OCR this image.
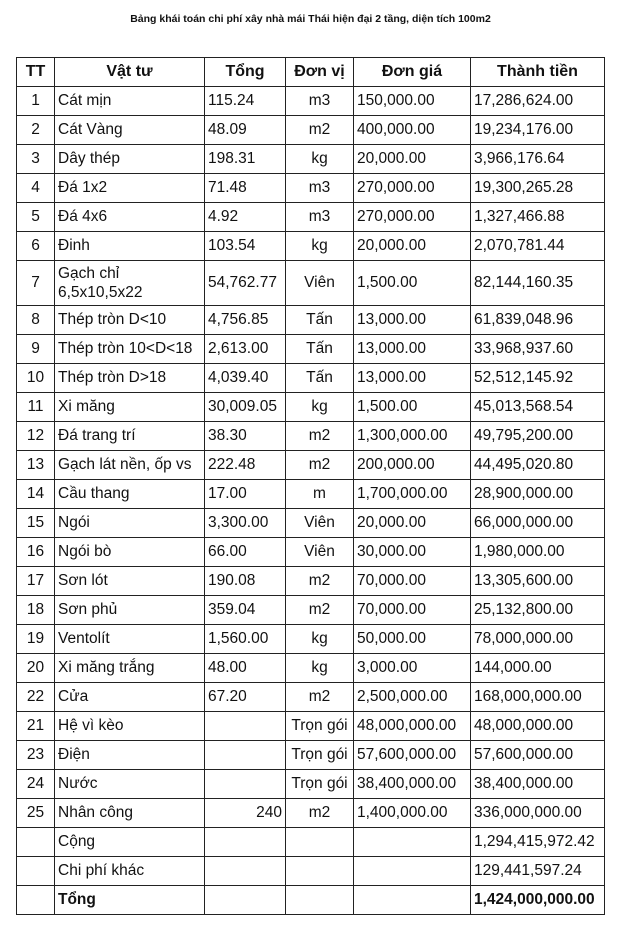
Bảng khái toán chi phí xây nhà mái Thái hiện đại 2 tầng, diện tích 100m2
TT	Vật tư	Tổng	Đơn vị	Đơn giá	Thành tiền
1	Cát mịn	115.24	m3	150,000.00	17,286,624.00
2	Cát Vàng	48.09	m2	400,000.00	19,234,176.00
3	Dây thép	198.31	kg	20,000.00	3,966,176.64
4	Đá 1x2	71.48	m3	270,000.00	19,300,265.28
5	Đá 4x6	4.92	m3	270,000.00	1,327,466.88
6	Đinh	103.54	kg	20,000.00	2,070,781.44
7	Gạch chỉ 6,5x10,5x22	54,762.77	Viên	1,500.00	82,144,160.35
8	Thép tròn D<10	4,756.85	Tấn	13,000.00	61,839,048.96
9	Thép tròn 10<D<18	2,613.00	Tấn	13,000.00	33,968,937.60
10	Thép tròn D>18	4,039.40	Tấn	13,000.00	52,512,145.92
11	Xi măng	30,009.05	kg	1,500.00	45,013,568.54
12	Đá trang trí	38.30	m2	1,300,000.00	49,795,200.00
13	Gạch lát nền, ốp vs	222.48	m2	200,000.00	44,495,020.80
14	Cầu thang	17.00	m	1,700,000.00	28,900,000.00
15	Ngói	3,300.00	Viên	20,000.00	66,000,000.00
16	Ngói bò	66.00	Viên	30,000.00	1,980,000.00
17	Sơn lót	190.08	m2	70,000.00	13,305,600.00
18	Sơn phủ	359.04	m2	70,000.00	25,132,800.00
19	Ventolít	1,560.00	kg	50,000.00	78,000,000.00
20	Xi măng trắng	48.00	kg	3,000.00	144,000.00
22	Cửa	67.20	m2	2,500,000.00	168,000,000.00
21	Hệ vì kèo		Trọn gói	48,000,000.00	48,000,000.00
23	Điện		Trọn gói	57,600,000.00	57,600,000.00
24	Nước		Trọn gói	38,400,000.00	38,400,000.00
25	Nhân công	240	m2	1,400,000.00	336,000,000.00
	Cộng				1,294,415,972.42
	Chi phí khác				129,441,597.24
	Tổng				1,424,000,000.00
